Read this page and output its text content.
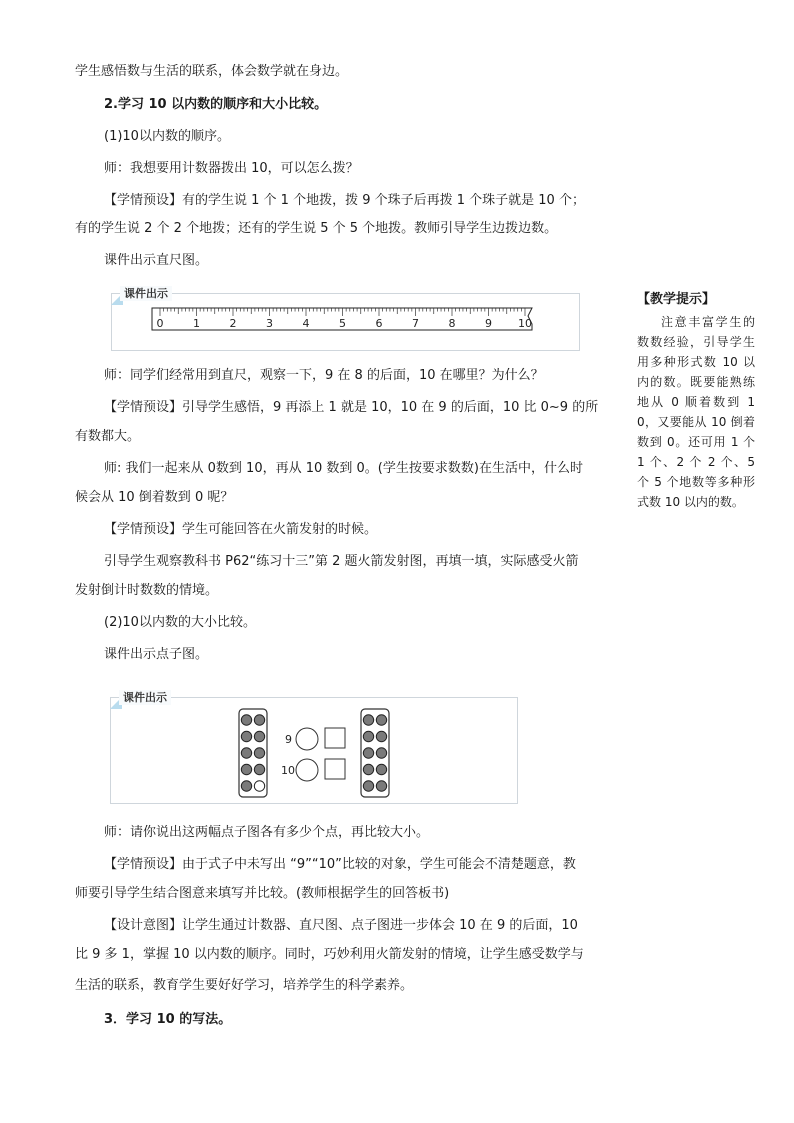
学生感悟数与生活的联系，体会数学就在身边。
2.学习 10 以内数的顺序和大小比较。
(1)10以内数的顺序。
师：我想要用计数器拨出 10，可以怎么拨？
【学情预设】有的学生说 1 个 1 个地拨，拨 9 个珠子后再拨 1 个珠子就是 10 个；
有的学生说 2 个 2 个地拨；还有的学生说 5 个 5 个地拨。教师引导学生边拨边数。
课件出示直尺图。
课件出示
0	1	2	3	4	5	6	7	8	9 10
师：同学们经常用到直尺，观察一下，9 在 8 的后面，10 在哪里？为什么？
【学情预设】引导学生感悟，9 再添上 1 就是 10，10 在 9 的后面，10 比 0~9 的所
有数都大。
师: 我们一起来从 0数到 10，再从 10 数到 0。(学生按要求数数)在生活中，什么时
候会从 10 倒着数到 0 呢？
【学情预设】学生可能回答在火箭发射的时候。
引导学生观察教科书 P62“练习十三”第 2 题火箭发射图，再填一填，实际感受火箭
发射倒计时数数的情境。
(2)10以内数的大小比较。
课件出示点子图。
课件出示
9
10
师：请你说出这两幅点子图各有多少个点，再比较大小。
【学情预设】由于式子中未写出 “9”“10”比较的对象，学生可能会不清楚题意，教
师要引导学生结合图意来填写并比较。(教师根据学生的回答板书)
【设计意图】让学生通过计数器、直尺图、点子图进一步体会 10 在 9 的后面，10
比 9 多 1，掌握 10 以内数的顺序。同时，巧妙利用火箭发射的情境，让学生感受数学与
生活的联系，教育学生要好好学习，培养学生的科学素养。
3．学习 10 的写法。
【教学提示】
注意丰富学生的数数经验，引导学生用多种形式数 10 以内的数。既要能熟练地从 0 顺着数到 10，又要能从 10 倒着数到 0。还可用 1 个 1 个、2 个 2 个、5 个 5 个地数等多种形式数 10 以内的数。
